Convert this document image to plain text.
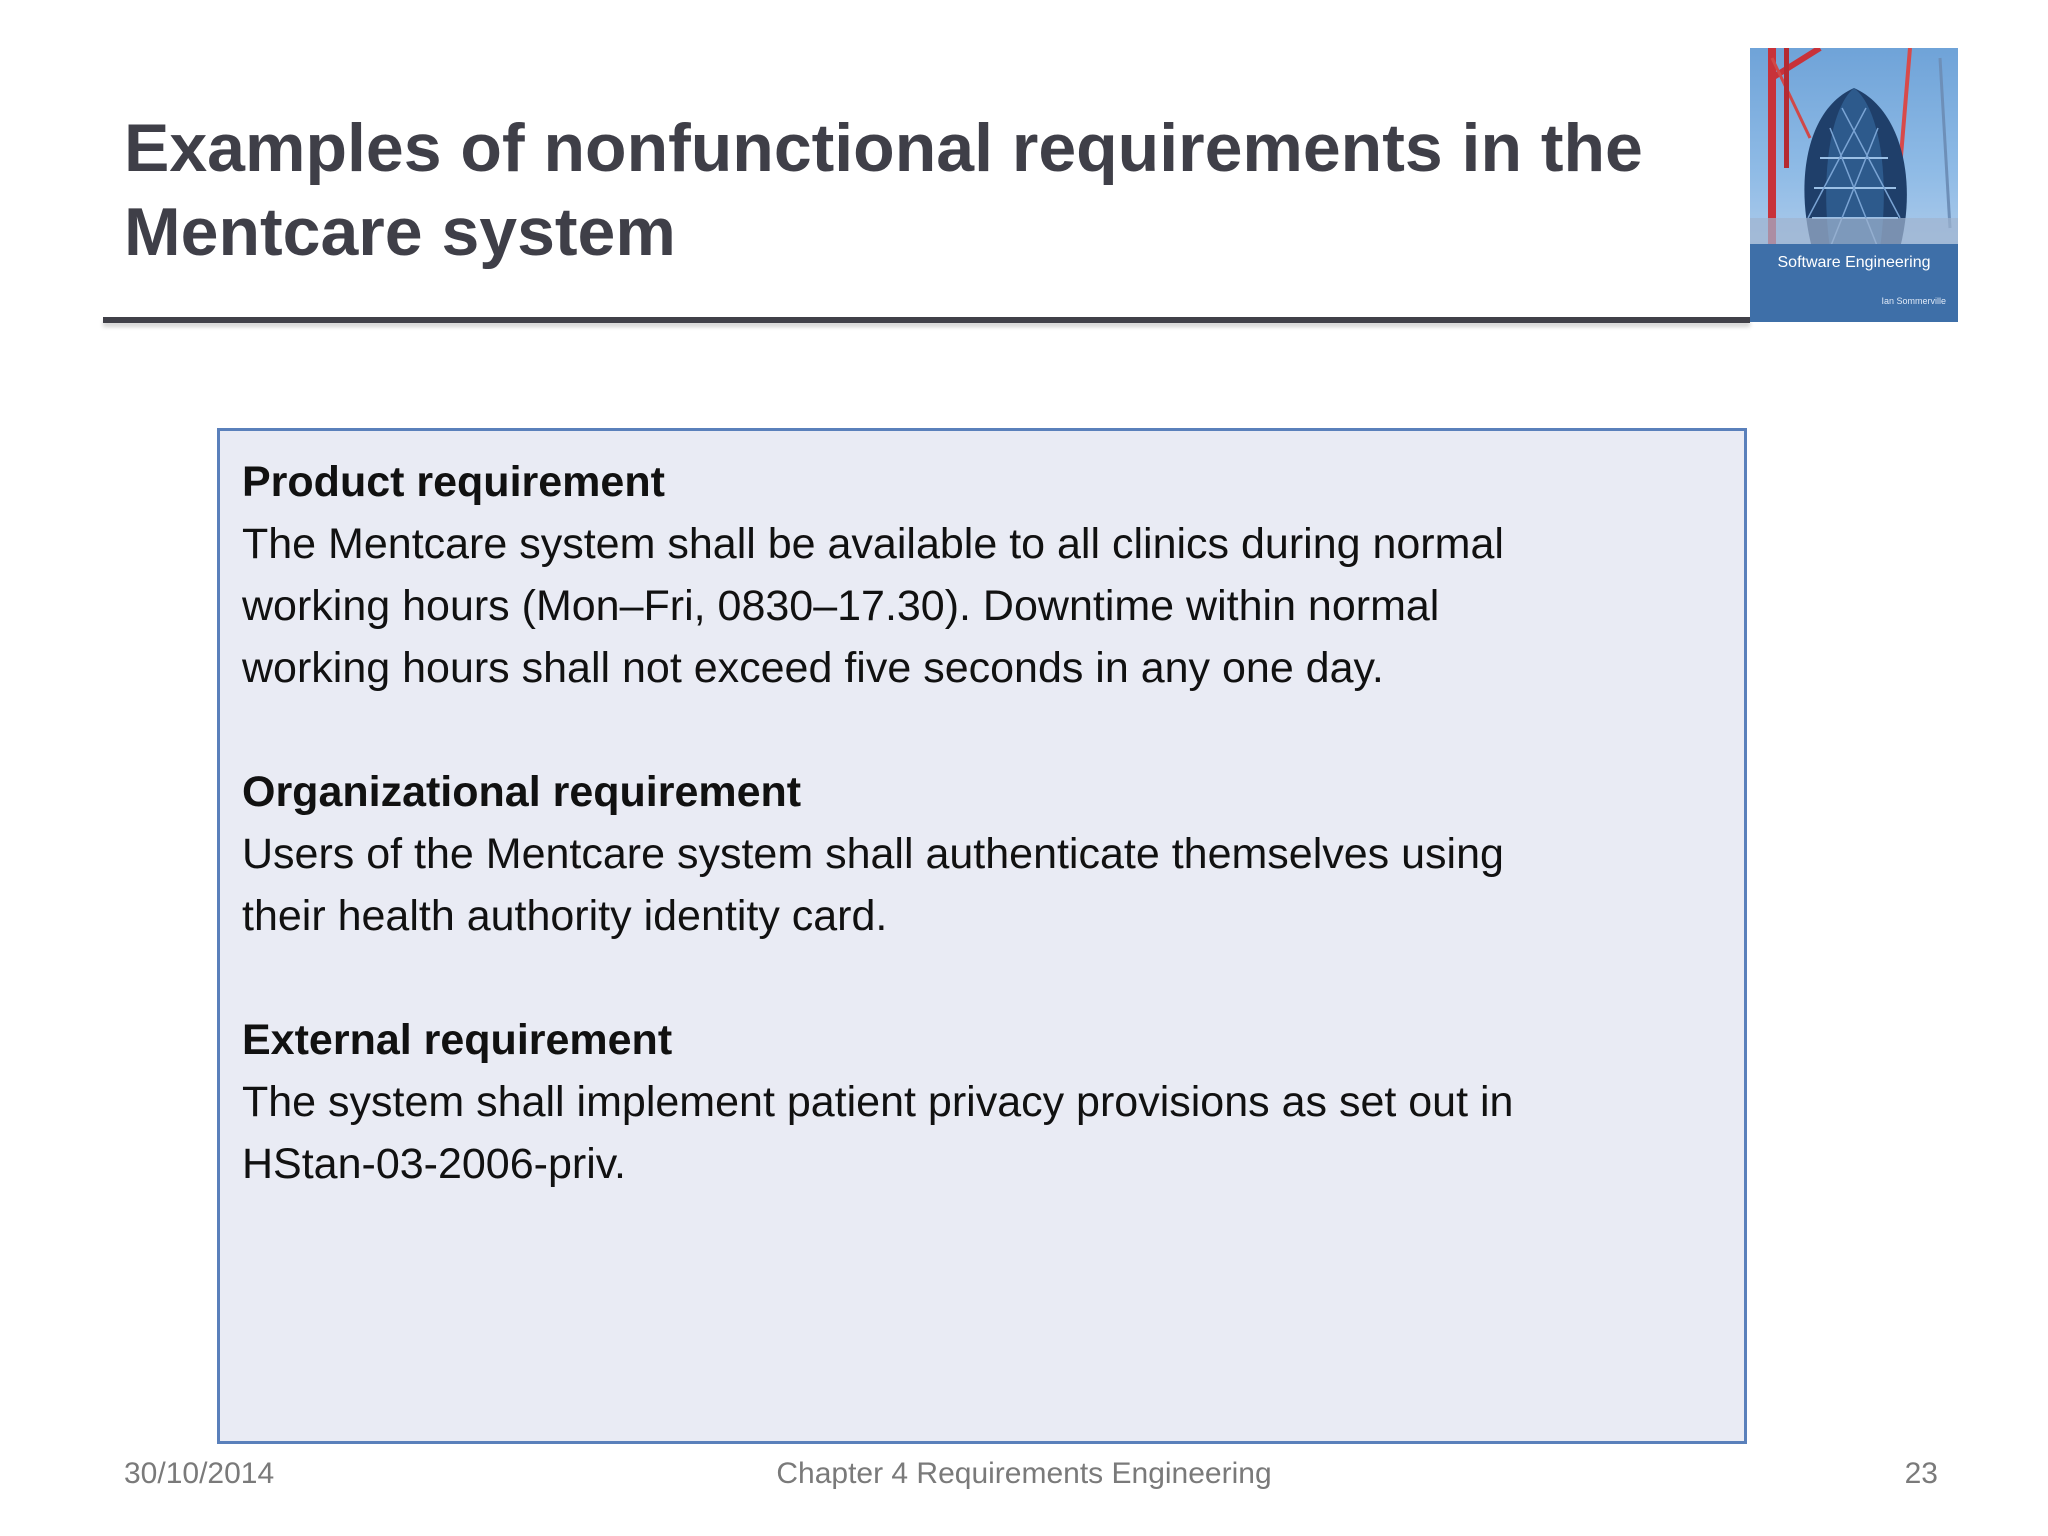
Examples of nonfunctional requirements in the
Mentcare system	Software Engineering
Ian Sommerville
Product requirement
The Mentcare system shall be available to all clinics during normal
working hours (Mon–Fri, 0830–17.30). Downtime within normal
working hours shall not exceed five seconds in any one day.
Organizational requirement
Users of the Mentcare system shall authenticate themselves using
their health authority identity card.
External requirement
The system shall implement patient privacy provisions as set out in
HStan-03-2006-priv.
30/10/2014	Chapter 4 Requirements Engineering	23
